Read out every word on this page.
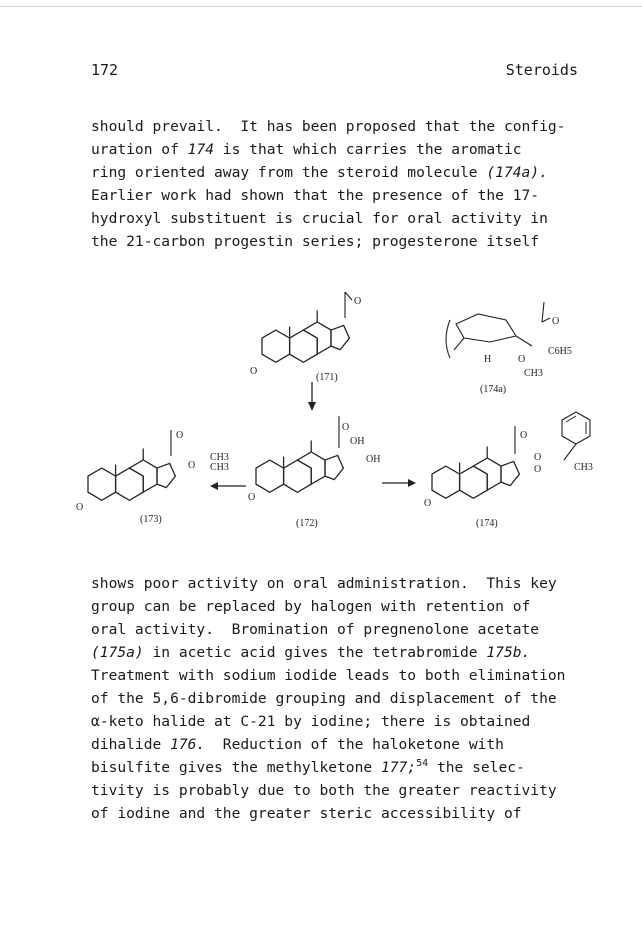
172	Steroids

should prevail.  It has been proposed that the config-
uration of 174 is that which carries the aromatic
ring oriented away from the steroid molecule (174a).
Earlier work had shown that the presence of the 17-
hydroxyl substituent is crucial for oral activity in
the 21-carbon progestin series; progesterone itself

O
O
(171)
O
H	O
C6H5
CH3
(174a)
O
O
CH3
CH3
O
(173)
O
OH
OH
O
(172)
O
O
O	CH3
O
(174)

shows poor activity on oral administration.  This key
group can be replaced by halogen with retention of
oral activity.  Bromination of pregnenolone acetate
(175a) in acetic acid gives the tetrabromide 175b.
Treatment with sodium iodide leads to both elimination
of the 5,6-dibromide grouping and displacement of the
α-keto halide at C-21 by iodine; there is obtained
dihalide 176.  Reduction of the haloketone with
bisulfite gives the methylketone 177;$^{54}$ the selec-
tivity is probably due to both the greater reactivity
of iodine and the greater steric accessibility of
